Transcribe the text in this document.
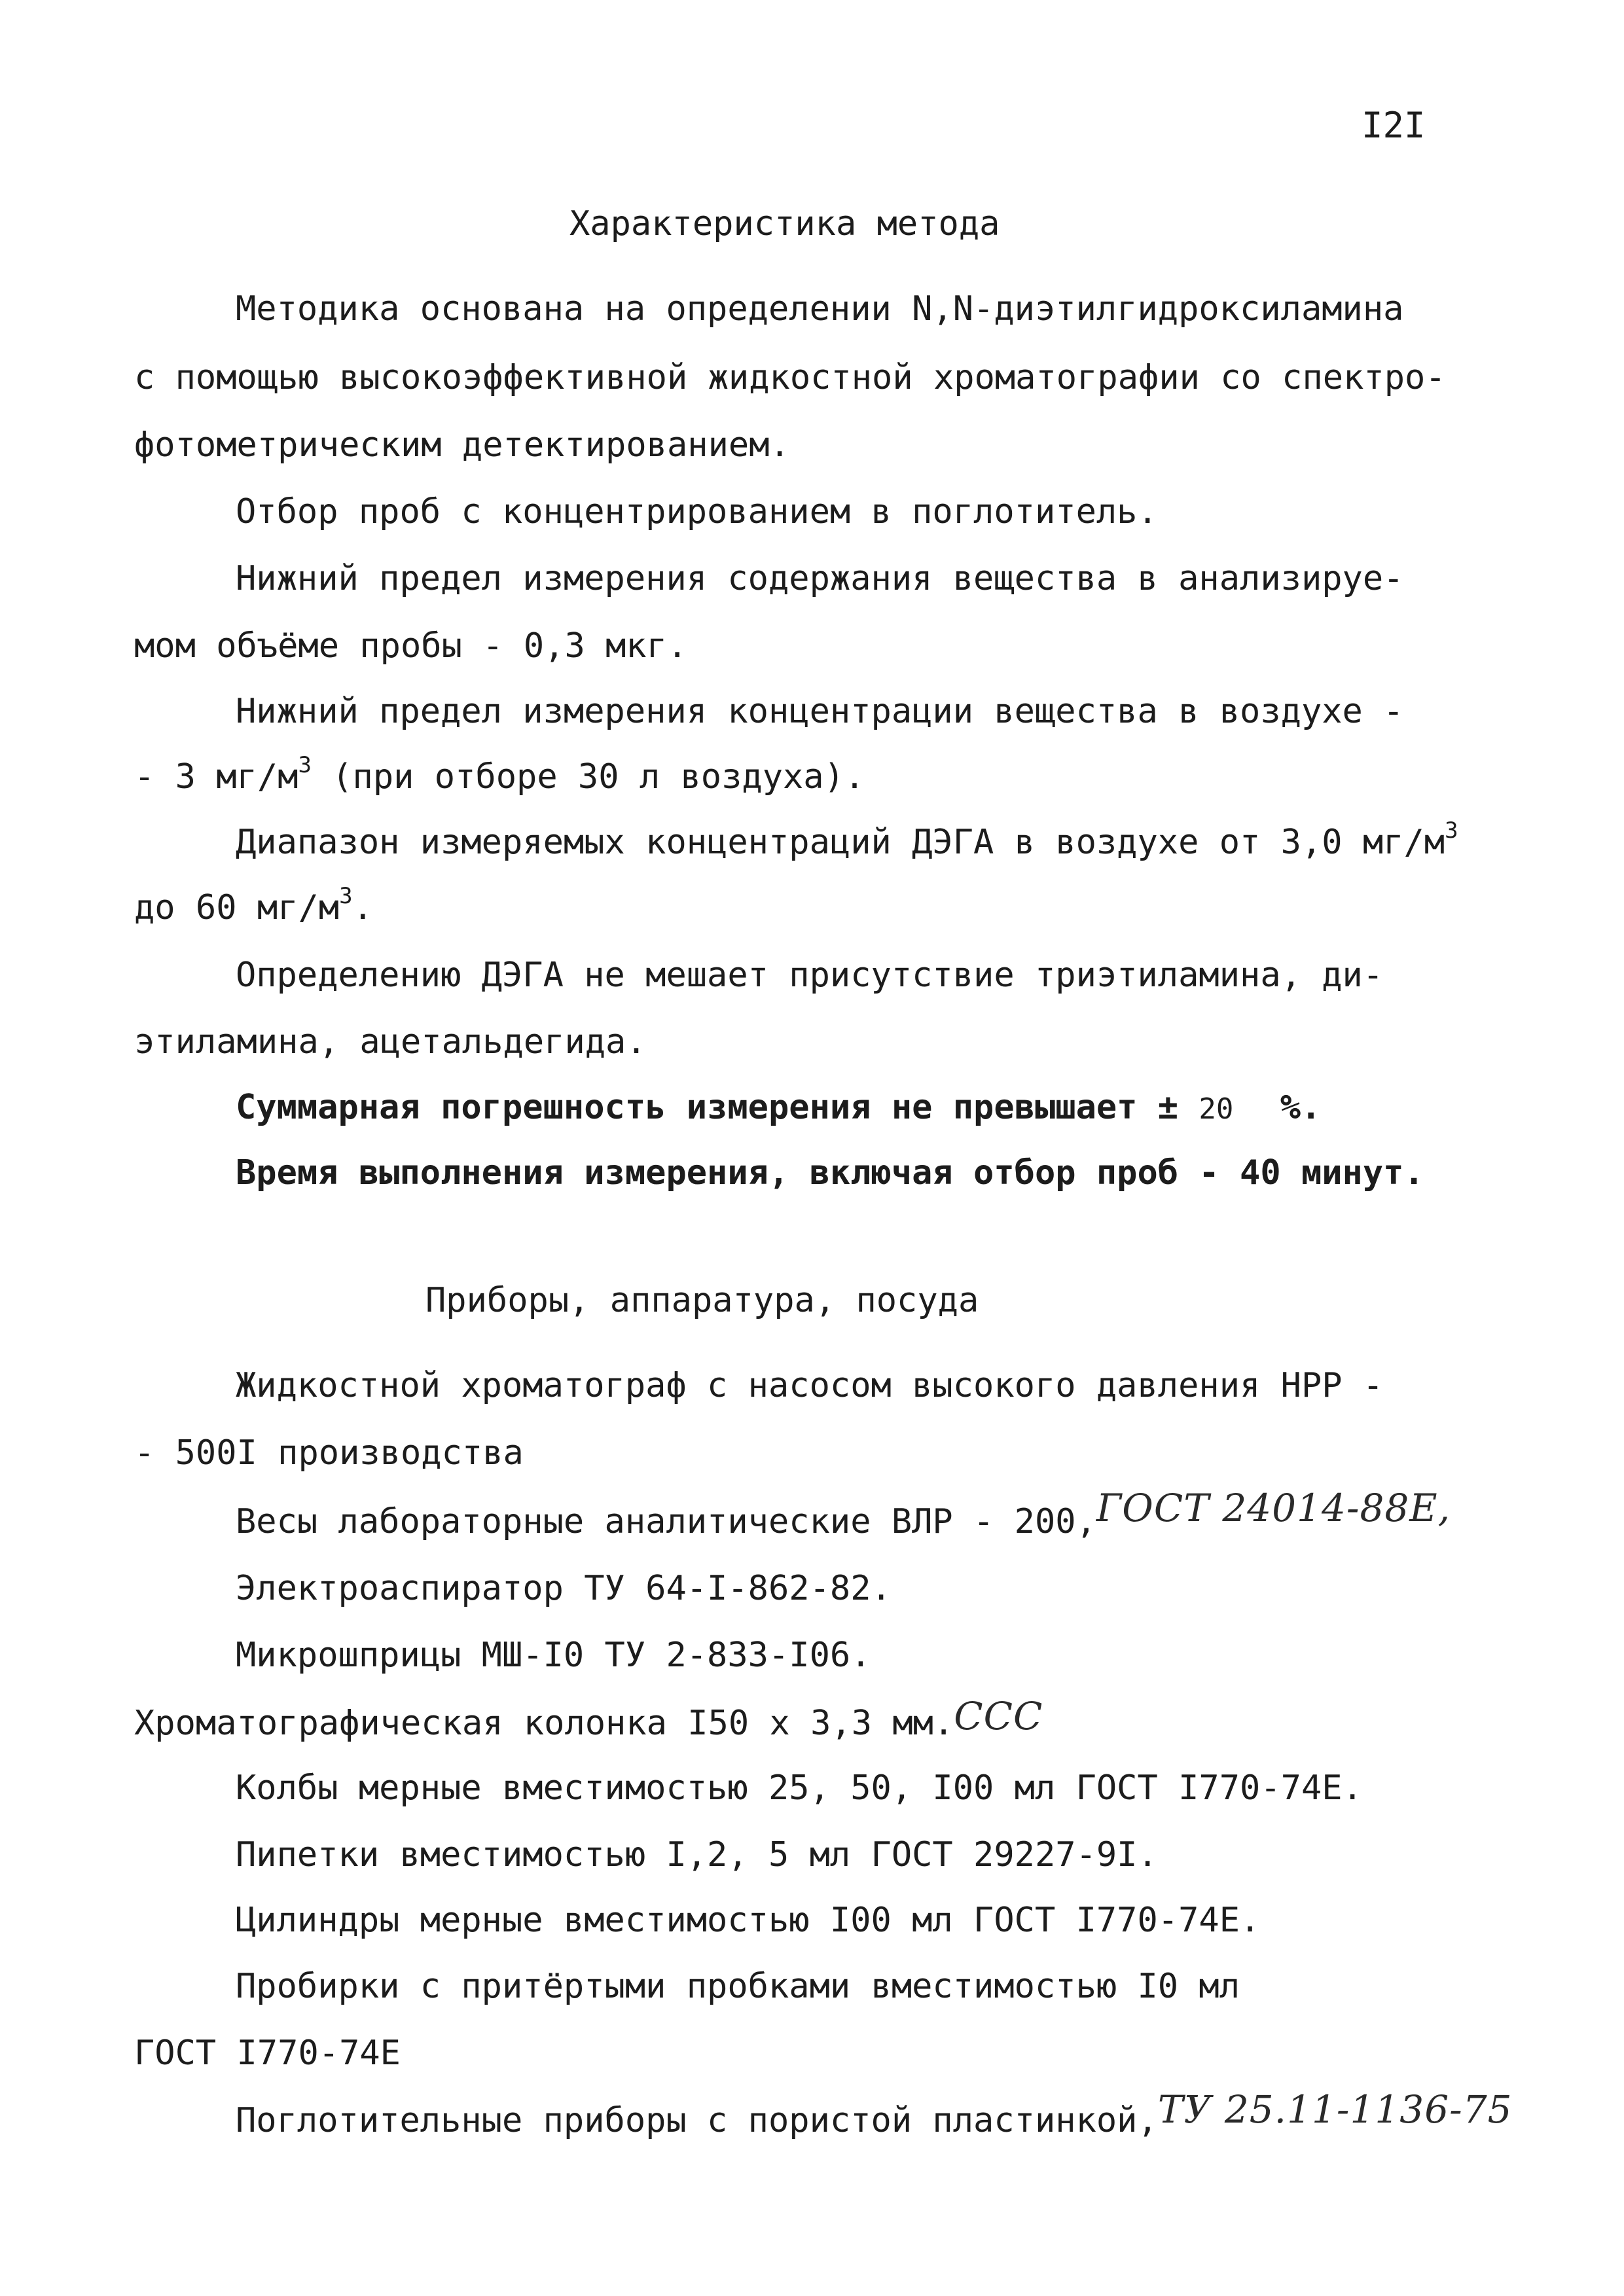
I2I
Характеристика метода
Методика основана на определении N,N-диэтилгидроксиламина
с помощью высокоэффективной жидкостной хроматографии со спектро-
фотометрическим детектированием.
Отбор проб с концентрированием в поглотитель.
Нижний предел измерения содержания вещества в анализируе-
мом объёме пробы - 0,3 мкг.
Нижний предел измерения концентрации вещества в воздухе -
- 3 $мг/м^3$ (при отборе 30 л воздуха).
Диапазон измеряемых концентраций ДЭГА в воздухе от 3,0 $мг/м^3$
до 60 $мг/м^3$.
Определению ДЭГА не мешает присутствие триэтиламина, ди-
этиламина, ацетальдегида.
Суммарная погрешность измерения не превышает ± 20 %.
Время выполнения измерения, включая отбор проб - 40 минут.
Приборы, аппаратура, посуда
Жидкостной хроматограф с насосом высокого давления НРР -
- 500I производства
Весы лабораторные аналитические ВЛР - 200,ГОСТ 24014-88Е,
Электроаспиратор ТУ 64-I-862-82.
Микрошприцы МШ-I0 ТУ 2-833-I06.
Хроматографическая колонка I50 х 3,3 мм.CCC
Колбы мерные вместимостью 25, 50, I00 мл ГОСТ I770-74Е.
Пипетки вместимостью I,2, 5 мл ГОСТ 29227-9I.
Цилиндры мерные вместимостью I00 мл ГОСТ I770-74Е.
Пробирки с притёртыми пробками вместимостью I0 мл
ГОСТ I770-74Е
Поглотительные приборы с пористой пластинкой,ТУ 25.11-1136-75
